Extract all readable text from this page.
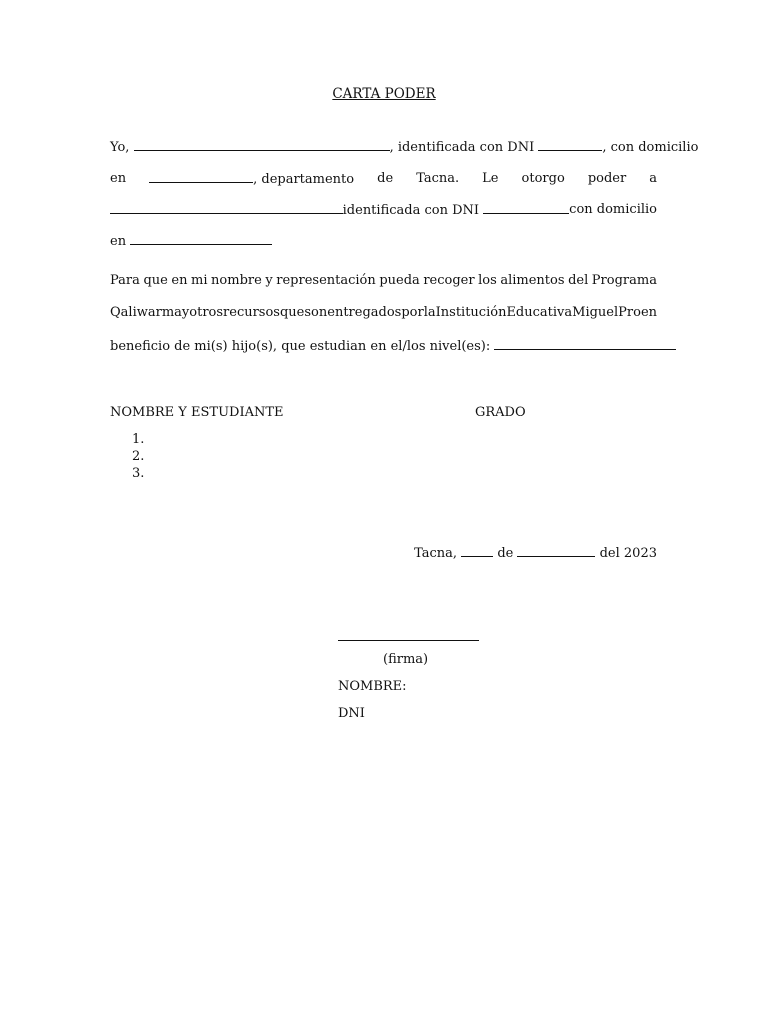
CARTA PODER
Yo,	, identificada con DNI	, con domicilio
en	, departamento de Tacna. Le otorgo poder a
identificada con DNI	con domicilio
en
Para que en mi nombre y representación pueda recoger los alimentos del Programa
Qaliwarma y otros recursos que son entregados por la Institución Educativa Miguel Pro en
beneficio de mi(s) hijo(s), que estudian en el/los nivel(es):
NOMBRE Y ESTUDIANTE	GRADO
1.
2.
3.
Tacna,	de	del 2023
(firma)
NOMBRE:
DNI
